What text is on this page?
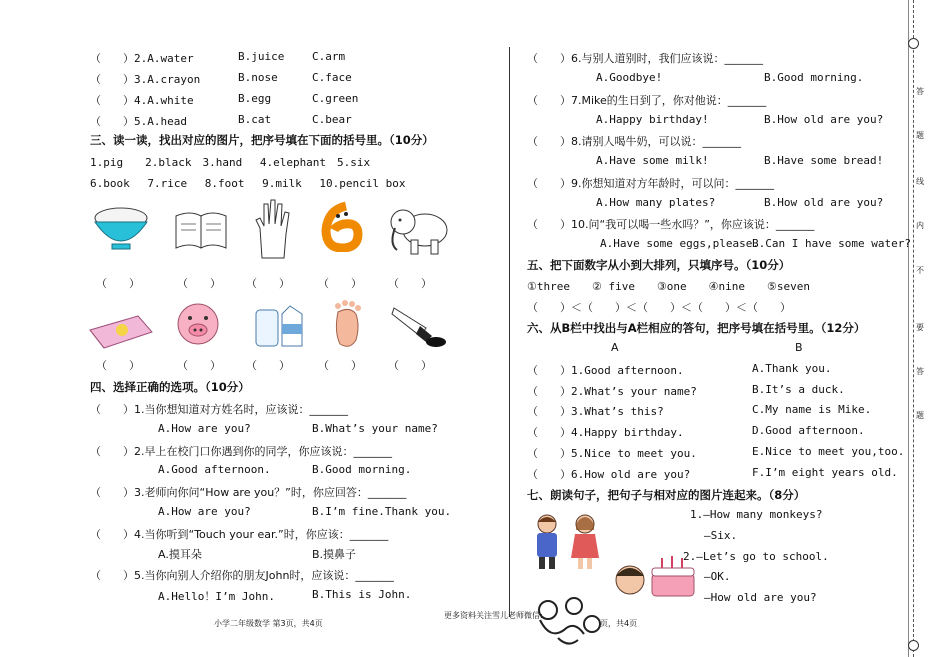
答
题
线
内
不
要
答
题
（　　）2.A.water	B.juice	C.arm
（　　）3.A.crayon	B.nose	C.face
（　　）4.A.white	B.egg	C.green
（　　）5.A.head	B.cat	C.bear
三、读一读，找出对应的图片，把序号填在下面的括号里。（10分）
1.pig　　2.black　3.hand　 4.elephant　5.six
6.book　 7.rice　 8.foot　 9.milk　 10.pencil box
（　　）	（　　） （　　）	（　　） （　　）
（　　）	（　　） （　　）	（　　） （　　）
四、选择正确的选项。（10分）
（　　）1.当你想知道对方姓名时，应该说：_______
A.How are you?	B.What’s your name?
（　　）2.早上在校门口你遇到你的同学，你应该说：_______
A.Good afternoon.	B.Good morning.
（　　）3.老师向你问“How are you？”时，你应回答：_______
A.How are you?	B.I’m fine.Thank you.
（　　）4.当你听到“Touch your ear.”时，你应该：_______
A.摸耳朵	B.摸鼻子
（　　）5.当你向别人介绍你的朋友John时，应该说：_______
A.Hello！I’m John.	B.This is John.
小学二年级数学 第3页，共4页
（　　）6.与别人道别时，我们应该说：_______
A.Goodbye!	B.Good morning.
（　　）7.Mike的生日到了，你对他说：_______
A.Happy birthday!	B.How old are you?
（　　）8.请别人喝牛奶，可以说：_______
A.Have some milk!	B.Have some bread!
（　　）9.你想知道对方年龄时，可以问：_______
A.How many plates?	B.How old are you?
（　　）10.问“我可以喝一些水吗？”，你应该说：_______
A.Have some eggs,please.
B.Can I have some water?
五、把下面数字从小到大排列，只填序号。（10分）
①three　　② five　　③one　　④nine　　⑤seven
（　　）＜（　　）＜（　　）＜（　　）＜（　　）
六、从B栏中找出与A栏相应的答句，把序号填在括号里。（12分）
A	B
（　　）1.Good afternoon.	A.Thank you.
（　　）2.What’s your name?	B.It’s a duck.
（　　）3.What’s this?	C.My name is Mike.
（　　）4.Happy birthday.	D.Good afternoon.
（　　）5.Nice to meet you.	E.Nice to meet you,too.
（　　）6.How old are you?	F.I’m eight years old.
七、朗读句子，把句子与相对应的图片连起来。（8分）
1.—How many monkeys?
—Six.
2.—Let’s go to school.
—OK.
—How old are you?
更多资料关注雪儿老师微信:
页，共4页
